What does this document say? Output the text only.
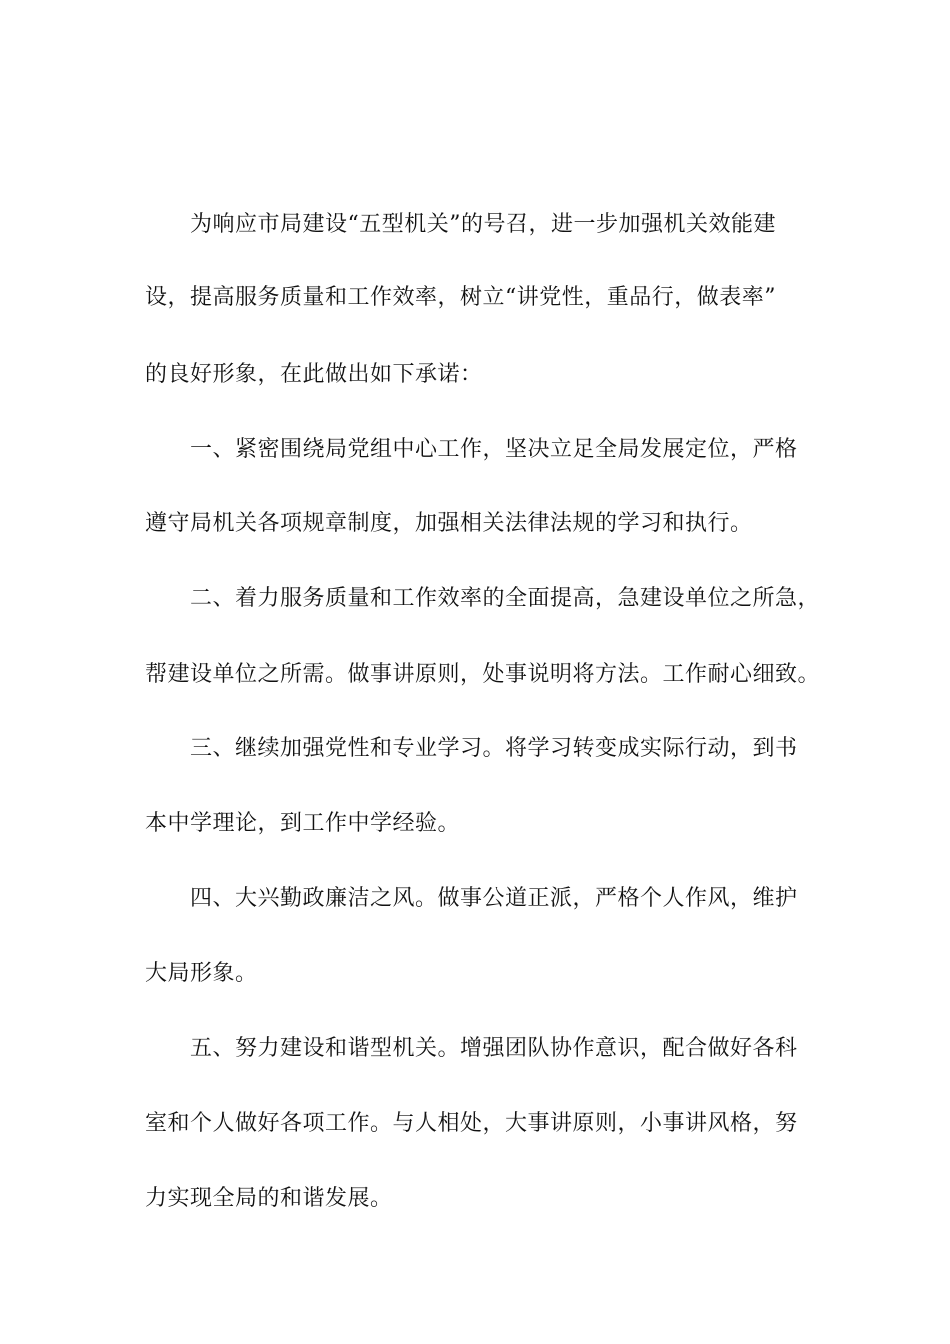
为响应市局建设“五型机关”的号召，进一步加强机关效能建
设，提高服务质量和工作效率，树立“讲党性，重品行，做表率”
的良好形象，在此做出如下承诺：
一、紧密围绕局党组中心工作，坚决立足全局发展定位，严格
遵守局机关各项规章制度，加强相关法律法规的学习和执行。
二、着力服务质量和工作效率的全面提高，急建设单位之所急，
帮建设单位之所需。做事讲原则，处事说明将方法。工作耐心细致。
三、继续加强党性和专业学习。将学习转变成实际行动，到书
本中学理论，到工作中学经验。
四、大兴勤政廉洁之风。做事公道正派，严格个人作风，维护
大局形象。
五、努力建设和谐型机关。增强团队协作意识，配合做好各科
室和个人做好各项工作。与人相处，大事讲原则，小事讲风格，努
力实现全局的和谐发展。
